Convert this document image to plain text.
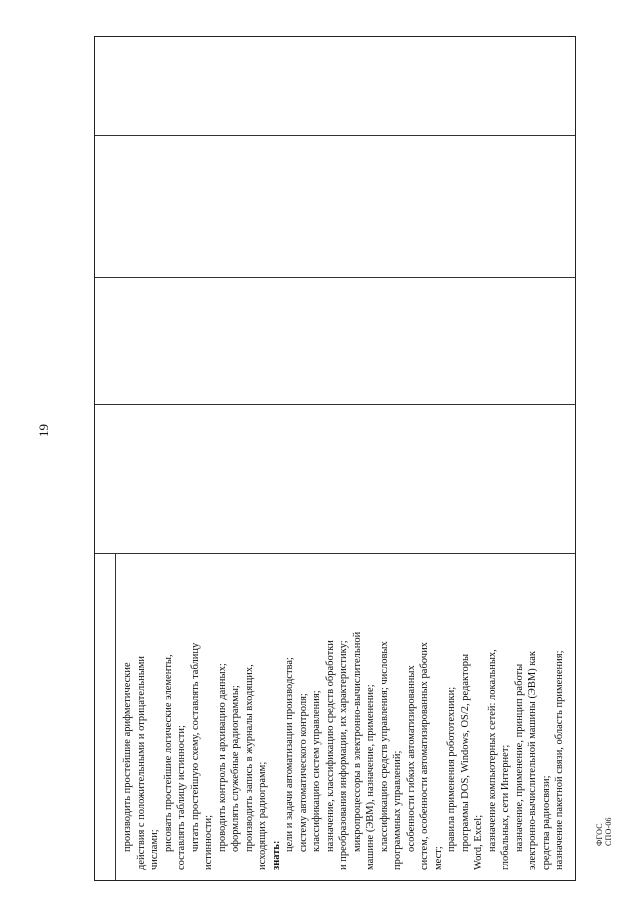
19

производить простейшие арифметические действия с положительными и отрицательными числами; рисовать простейшие логические элементы, составлять таблицу истинности; читать простейшую схему, составлять таблицу истинности; проводить контроль и архивацию данных; оформлять служебные радиограммы; производить запись в журналы входящих, исходящих радиограмм; знать:

цели и задачи автоматизации производства; систему автоматического контроля; классификацию систем управления; назначение, классификацию средств обработки и преобразования информации, их характеристику; микропроцессоры в электронно-вычислительной машине (ЭВМ), назначение, применение; классификацию средств управления; числовых программных управлений; особенности гибких автоматизированных систем, особенности автоматизированных рабочих мест;

правила применения робототехники; программы DOS, Windows, OS/2, редакторы Word, Excel; назначение компьютерных сетей: локальных, глобальных, сети Интернет; назначение, применение, принцип работы электронно-вычислительной машины (ЭВМ) как средства радиосвязи; назначение пакетной связи, область применения;	ФГОС СПО-06
